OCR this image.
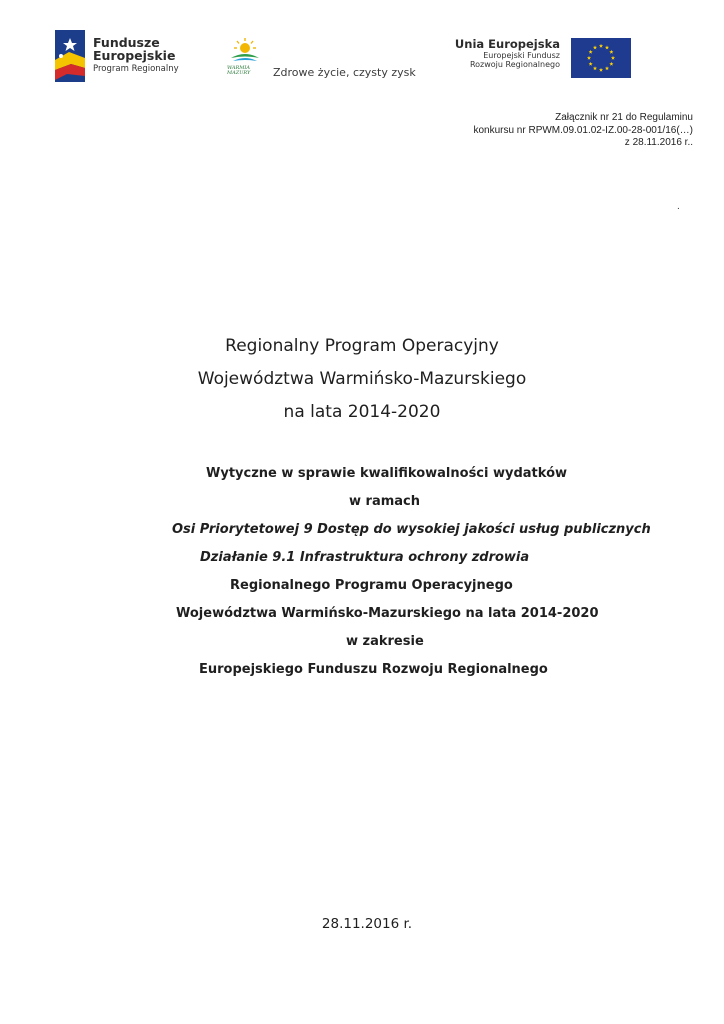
Fundusze
Europejskie
Program Regionalny	WARMIA
MAZURY	Zdrowe życie, czysty zysk
Unia Europejska
Europejski Fundusz
Rozwoju Regionalnego
Załącznik nr 21 do Regulaminu
konkursu nr RPWM.09.01.02-IZ.00-28-001/16(…)
z 28.11.2016 r..
.
Regionalny Program Operacyjny
Województwa Warmińsko-Mazurskiego
na lata 2014-2020
Wytyczne w sprawie kwalifikowalności wydatków
w ramach
Osi Priorytetowej 9 Dostęp do wysokiej jakości usług publicznych
Działanie 9.1 Infrastruktura ochrony zdrowia
Regionalnego Programu Operacyjnego
Województwa Warmińsko-Mazurskiego na lata 2014-2020
w zakresie
Europejskiego Funduszu Rozwoju Regionalnego
28.11.2016 r.
